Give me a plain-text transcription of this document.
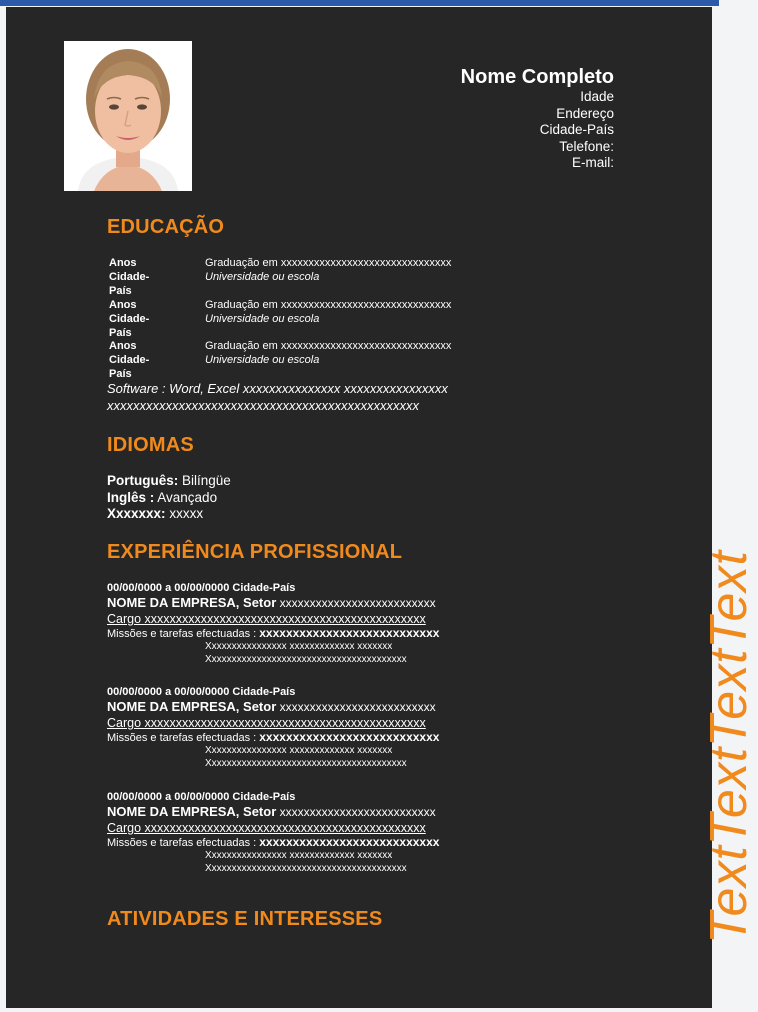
Nome Completo
Idade
Endereço
Cidade-País
Telefone:
E-mail:
EDUCAÇÃO
Anos
Cidade-País
Graduação em xxxxxxxxxxxxxxxxxxxxxxxxxxxxxxx
Universidade ou escola
Anos
Cidade-País
Graduação em xxxxxxxxxxxxxxxxxxxxxxxxxxxxxxx
Universidade ou escola
Anos
Cidade-País
Graduação em xxxxxxxxxxxxxxxxxxxxxxxxxxxxxxx
Universidade ou escola
Software : Word, Excel xxxxxxxxxxxxxxx xxxxxxxxxxxxxxxx
xxxxxxxxxxxxxxxxxxxxxxxxxxxxxxxxxxxxxxxxxxxxxxxx
IDIOMAS
Português: Bilíngüe
Inglês : Avançado
Xxxxxxx: xxxxx
EXPERIÊNCIA PROFISSIONAL
00/00/0000 a 00/00/0000 Cidade-País
NOME DA EMPRESA, Setor xxxxxxxxxxxxxxxxxxxxxxxxxx
Cargo xxxxxxxxxxxxxxxxxxxxxxxxxxxxxxxxxxxxxxxxxxxxx
Missões e tarefas efectuadas : xxxxxxxxxxxxxxxxxxxxxxxxxxx
Xxxxxxxxxxxxxxxx xxxxxxxxxxxxx xxxxxxx
Xxxxxxxxxxxxxxxxxxxxxxxxxxxxxxxxxxxxxxxx
00/00/0000 a 00/00/0000 Cidade-País
NOME DA EMPRESA, Setor xxxxxxxxxxxxxxxxxxxxxxxxxx
Cargo xxxxxxxxxxxxxxxxxxxxxxxxxxxxxxxxxxxxxxxxxxxxx
Missões e tarefas efectuadas : xxxxxxxxxxxxxxxxxxxxxxxxxxx
Xxxxxxxxxxxxxxxx xxxxxxxxxxxxx xxxxxxx
Xxxxxxxxxxxxxxxxxxxxxxxxxxxxxxxxxxxxxxxx
00/00/0000 a 00/00/0000 Cidade-País
NOME DA EMPRESA, Setor xxxxxxxxxxxxxxxxxxxxxxxxxx
Cargo xxxxxxxxxxxxxxxxxxxxxxxxxxxxxxxxxxxxxxxxxxxxx
Missões e tarefas efectuadas : xxxxxxxxxxxxxxxxxxxxxxxxxxx
Xxxxxxxxxxxxxxxx xxxxxxxxxxxxx xxxxxxx
Xxxxxxxxxxxxxxxxxxxxxxxxxxxxxxxxxxxxxxxx
ATIVIDADES E INTERESSES	TextTextTextText
